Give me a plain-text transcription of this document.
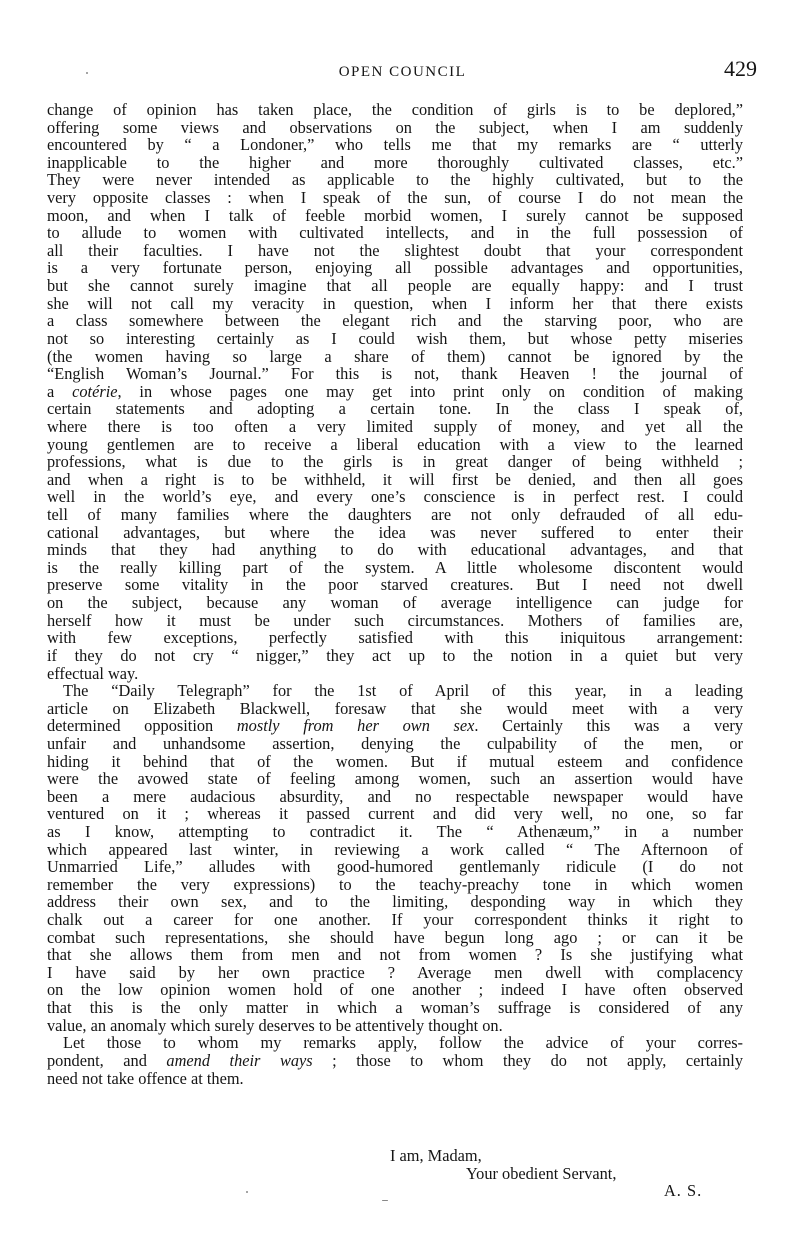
OPEN COUNCIL	429
change of opinion has taken place, the condition of girls is to be deplored,”
offering some views and observations on the subject, when I am suddenly
encountered by “ a Londoner,” who tells me that my remarks are “ utterly
inapplicable to the higher and more thoroughly cultivated classes, etc.”
They were never intended as applicable to the highly cultivated, but to the
very opposite classes : when I speak of the sun, of course I do not mean the
moon, and when I talk of feeble morbid women, I surely cannot be supposed
to allude to women with cultivated intellects, and in the full possession of
all their faculties. I have not the slightest doubt that your correspondent
is a very fortunate person, enjoying all possible advantages and opportunities,
but she cannot surely imagine that all people are equally happy: and I trust
she will not call my veracity in question, when I inform her that there exists
a class somewhere between the elegant rich and the starving poor, who are
not so interesting certainly as I could wish them, but whose petty miseries
(the women having so large a share of them) cannot be ignored by the
“English Woman’s Journal.” For this is not, thank Heaven ! the journal of
a cotérie, in whose pages one may get into print only on condition of making
certain statements and adopting a certain tone. In the class I speak of,
where there is too often a very limited supply of money, and yet all the
young gentlemen are to receive a liberal education with a view to the learned
professions, what is due to the girls is in great danger of being withheld ;
and when a right is to be withheld, it will first be denied, and then all goes
well in the world’s eye, and every one’s conscience is in perfect rest. I could
tell of many families where the daughters are not only defrauded of all edu-
cational advantages, but where the idea was never suffered to enter their
minds that they had anything to do with educational advantages, and that
is the really killing part of the system. A little wholesome discontent would
preserve some vitality in the poor starved creatures. But I need not dwell
on the subject, because any woman of average intelligence can judge for
herself how it must be under such circumstances. Mothers of families are,
with few exceptions, perfectly satisfied with this iniquitous arrangement:
if they do not cry “ nigger,” they act up to the notion in a quiet but very
effectual way.
The “Daily Telegraph” for the 1st of April of this year, in a leading
article on Elizabeth Blackwell, foresaw that she would meet with a very
determined opposition mostly from her own sex. Certainly this was a very
unfair and unhandsome assertion, denying the culpability of the men, or
hiding it behind that of the women. But if mutual esteem and confidence
were the avowed state of feeling among women, such an assertion would have
been a mere audacious absurdity, and no respectable newspaper would have
ventured on it ; whereas it passed current and did very well, no one, so far
as I know, attempting to contradict it. The “ Athenæum,” in a number
which appeared last winter, in reviewing a work called “ The Afternoon of
Unmarried Life,” alludes with good-humored gentlemanly ridicule (I do not
remember the very expressions) to the teachy-preachy tone in which women
address their own sex, and to the limiting, desponding way in which they
chalk out a career for one another. If your correspondent thinks it right to
combat such representations, she should have begun long ago ; or can it be
that she allows them from men and not from women ? Is she justifying what
I have said by her own practice ? Average men dwell with complacency
on the low opinion women hold of one another ; indeed I have often observed
that this is the only matter in which a woman’s suffrage is considered of any
value, an anomaly which surely deserves to be attentively thought on.
Let those to whom my remarks apply, follow the advice of your corres-
pondent, and amend their ways ; those to whom they do not apply, certainly
need not take offence at them.
I am, Madam,
Your obedient Servant,
A. S.
